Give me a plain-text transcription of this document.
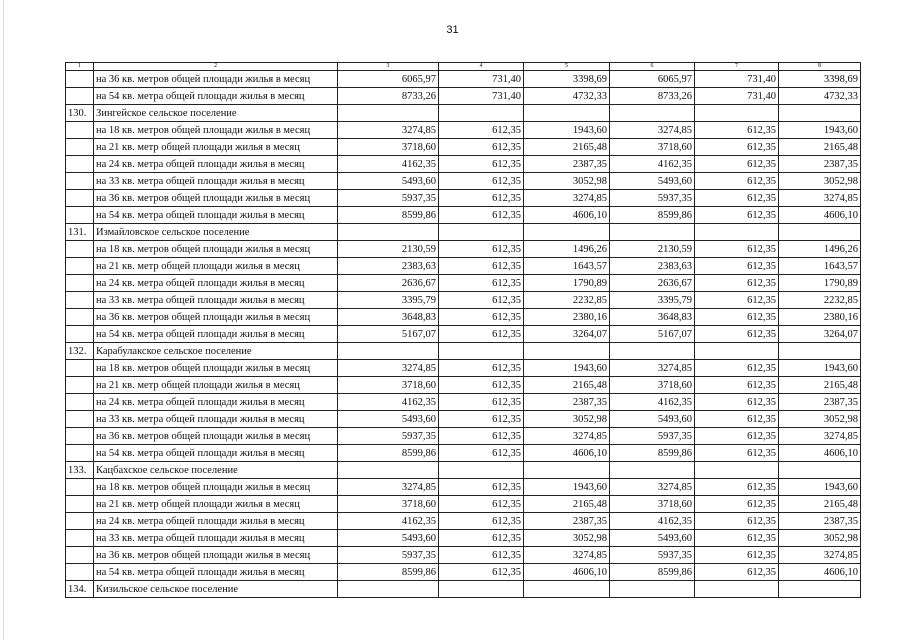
31
1	2	3	4	5	6	7	8
	на 36 кв. метров общей площади жилья в месяц	6065,97	731,40	3398,69	6065,97	731,40	3398,69
	на 54 кв. метра общей площади жилья в месяц	8733,26	731,40	4732,33	8733,26	731,40	4732,33
130.	Зингейское сельское поселение						
	на 18 кв. метров общей площади жилья в месяц	3274,85	612,35	1943,60	3274,85	612,35	1943,60
	на 21 кв. метр общей площади жилья в месяц	3718,60	612,35	2165,48	3718,60	612,35	2165,48
	на 24 кв. метра общей площади жилья в месяц	4162,35	612,35	2387,35	4162,35	612,35	2387,35
	на 33 кв. метра общей площади жилья в месяц	5493,60	612,35	3052,98	5493,60	612,35	3052,98
	на 36 кв. метров общей площади жилья в месяц	5937,35	612,35	3274,85	5937,35	612,35	3274,85
	на 54 кв. метра общей площади жилья в месяц	8599,86	612,35	4606,10	8599,86	612,35	4606,10
131.	Измайловское сельское поселение						
	на 18 кв. метров общей площади жилья в месяц	2130,59	612,35	1496,26	2130,59	612,35	1496,26
	на 21 кв. метр общей площади жилья в месяц	2383,63	612,35	1643,57	2383,63	612,35	1643,57
	на 24 кв. метра общей площади жилья в месяц	2636,67	612,35	1790,89	2636,67	612,35	1790,89
	на 33 кв. метра общей площади жилья в месяц	3395,79	612,35	2232,85	3395,79	612,35	2232,85
	на 36 кв. метров общей площади жилья в месяц	3648,83	612,35	2380,16	3648,83	612,35	2380,16
	на 54 кв. метра общей площади жилья в месяц	5167,07	612,35	3264,07	5167,07	612,35	3264,07
132.	Карабулакское сельское поселение						
	на 18 кв. метров общей площади жилья в месяц	3274,85	612,35	1943,60	3274,85	612,35	1943,60
	на 21 кв. метр общей площади жилья в месяц	3718,60	612,35	2165,48	3718,60	612,35	2165,48
	на 24 кв. метра общей площади жилья в месяц	4162,35	612,35	2387,35	4162,35	612,35	2387,35
	на 33 кв. метра общей площади жилья в месяц	5493,60	612,35	3052,98	5493,60	612,35	3052,98
	на 36 кв. метров общей площади жилья в месяц	5937,35	612,35	3274,85	5937,35	612,35	3274,85
	на 54 кв. метра общей площади жилья в месяц	8599,86	612,35	4606,10	8599,86	612,35	4606,10
133.	Кацбахское сельское поселение						
	на 18 кв. метров общей площади жилья в месяц	3274,85	612,35	1943,60	3274,85	612,35	1943,60
	на 21 кв. метр общей площади жилья в месяц	3718,60	612,35	2165,48	3718,60	612,35	2165,48
	на 24 кв. метра общей площади жилья в месяц	4162,35	612,35	2387,35	4162,35	612,35	2387,35
	на 33 кв. метра общей площади жилья в месяц	5493,60	612,35	3052,98	5493,60	612,35	3052,98
	на 36 кв. метров общей площади жилья в месяц	5937,35	612,35	3274,85	5937,35	612,35	3274,85
	на 54 кв. метра общей площади жилья в месяц	8599,86	612,35	4606,10	8599,86	612,35	4606,10
134.	Кизильское сельское поселение						
